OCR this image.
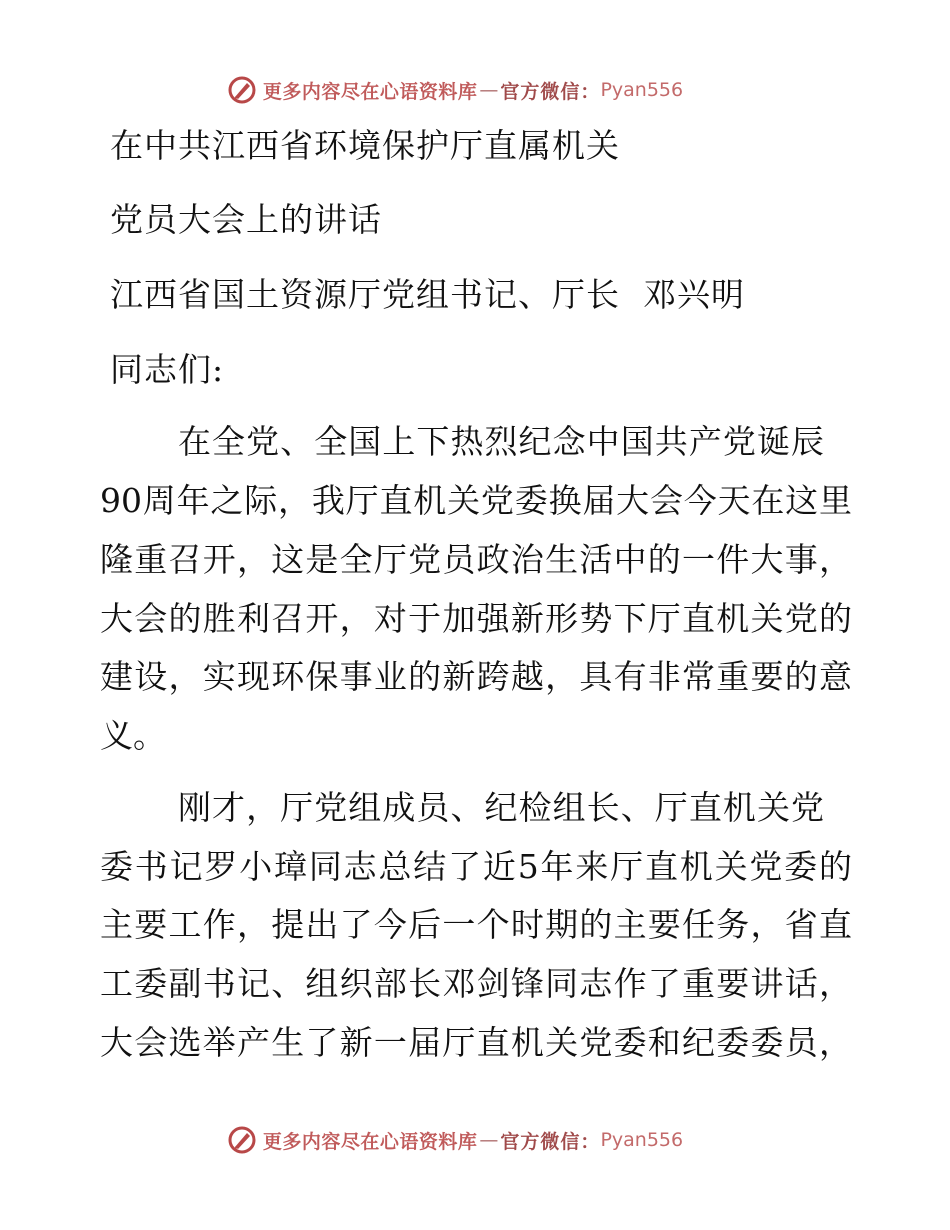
更多内容尽在心语资料库 — 官方微信： Pyan556
在中共江西省环境保护厅直属机关
党员大会上的讲话
江西省国土资源厅党组书记、厅长  邓兴明
同志们:
在全党、全国上下热烈纪念中国共产党诞辰
90周年之际，我厅直机关党委换届大会今天在这里
隆重召开，这是全厅党员政治生活中的一件大事，
大会的胜利召开，对于加强新形势下厅直机关党的
建设，实现环保事业的新跨越，具有非常重要的意
义。
刚才，厅党组成员、纪检组长、厅直机关党
委书记罗小璋同志总结了近5年来厅直机关党委的
主要工作，提出了今后一个时期的主要任务，省直
工委副书记、组织部长邓剑锋同志作了重要讲话，
大会选举产生了新一届厅直机关党委和纪委委员，
更多内容尽在心语资料库 — 官方微信： Pyan556
